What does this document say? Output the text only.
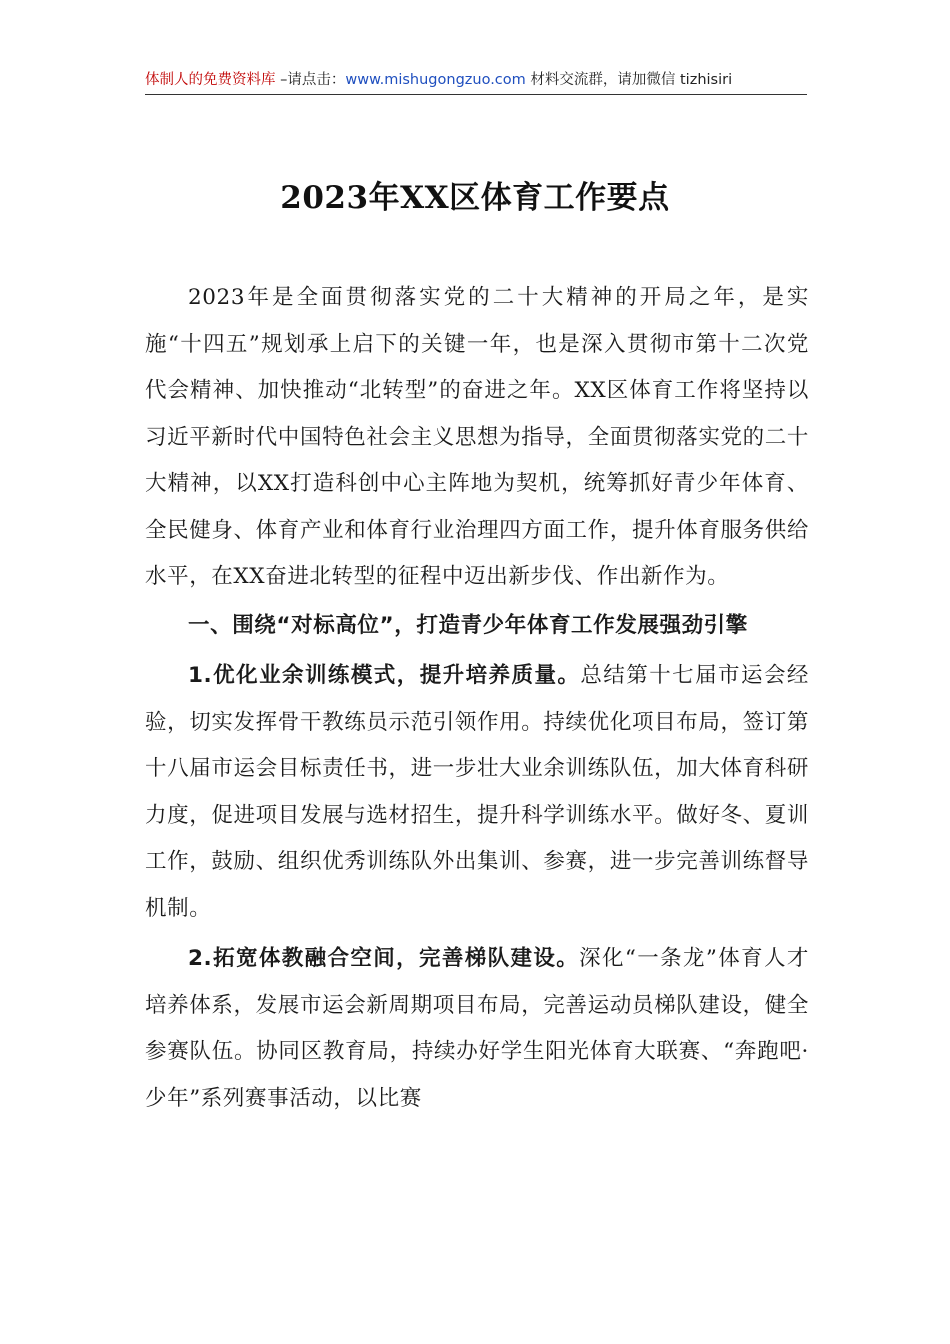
体制人的免费资料库 –请点击：www.mishugongzuo.com 材料交流群，请加微信 tizhisiri
2023年XX区体育工作要点

2023年是全面贯彻落实党的二十大精神的开局之年，是实施“十四五”规划承上启下的关键一年，也是深入贯彻市第十二次党代会精神、加快推动“北转型”的奋进之年。XX区体育工作将坚持以习近平新时代中国特色社会主义思想为指导，全面贯彻落实党的二十大精神，以XX打造科创中心主阵地为契机，统筹抓好青少年体育、全民健身、体育产业和体育行业治理四方面工作，提升体育服务供给水平，在XX奋进北转型的征程中迈出新步伐、作出新作为。

一、围绕“对标高位”，打造青少年体育工作发展强劲引擎

1.优化业余训练模式，提升培养质量。总结第十七届市运会经验，切实发挥骨干教练员示范引领作用。持续优化项目布局，签订第十八届市运会目标责任书，进一步壮大业余训练队伍，加大体育科研力度，促进项目发展与选材招生，提升科学训练水平。做好冬、夏训工作，鼓励、组织优秀训练队外出集训、参赛，进一步完善训练督导机制。

2.拓宽体教融合空间，完善梯队建设。深化“一条龙”体育人才培养体系，发展市运会新周期项目布局，完善运动员梯队建设，健全参赛队伍。协同区教育局，持续办好学生阳光体育大联赛、“奔跑吧·少年”系列赛事活动，以比赛
